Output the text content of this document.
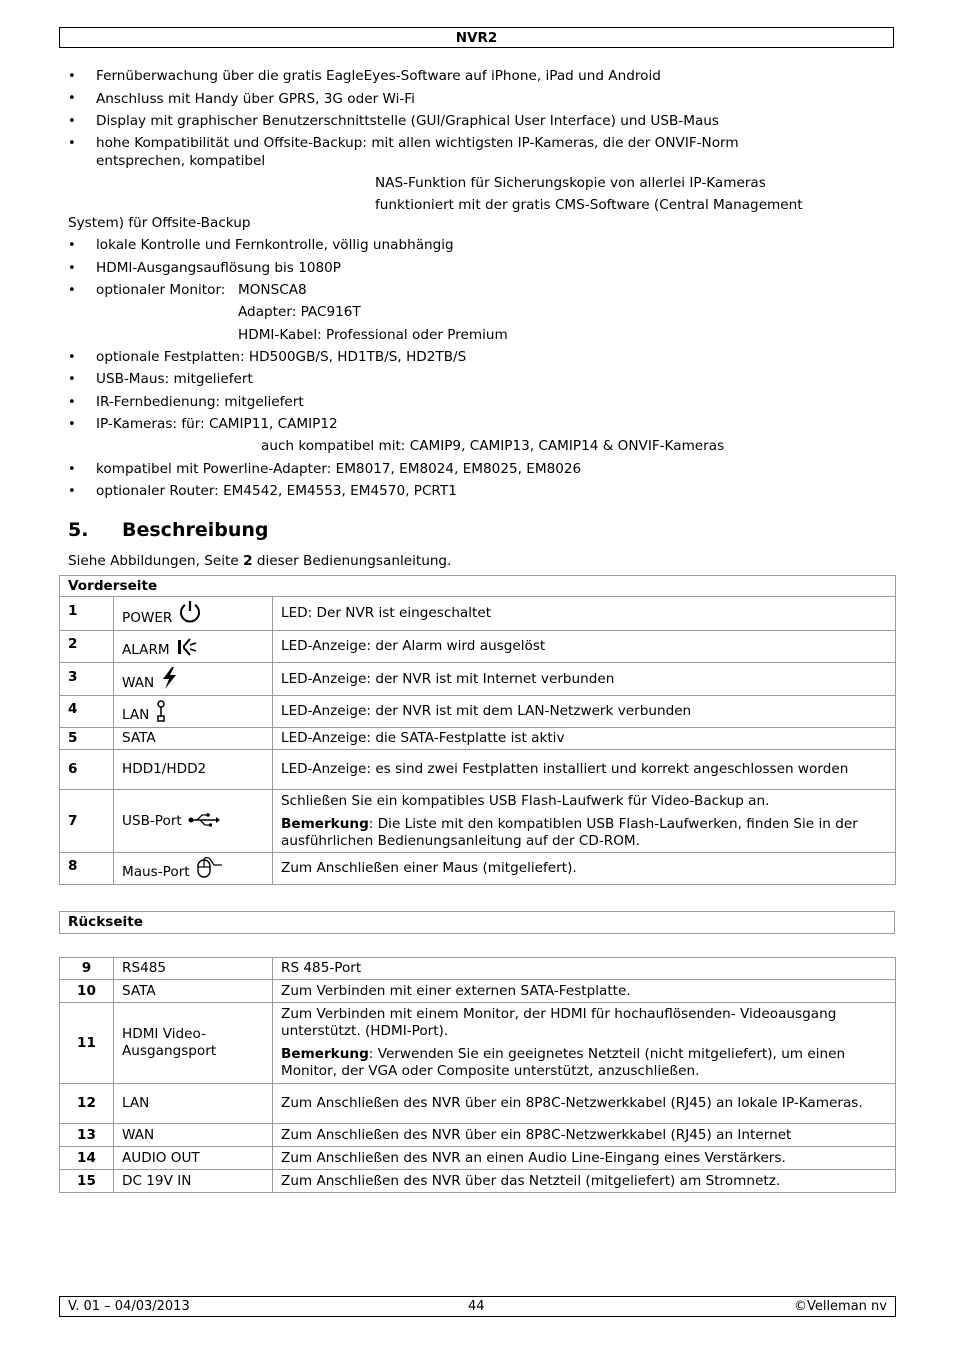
NVR2
• Fernüberwachung über die gratis EagleEyes-Software auf iPhone, iPad und Android
• Anschluss mit Handy über GPRS, 3G oder Wi-Fi
• Display mit graphischer Benutzerschnittstelle (GUI/Graphical User Interface) und USB-Maus
• hohe Kompatibilität und Offsite-Backup: mit allen wichtigsten IP-Kameras, die der ONVIF-Norm
entsprechen, kompatibel
NAS-Funktion für Sicherungskopie von allerlei IP-Kameras
funktioniert mit der gratis CMS-Software (Central Management
System) für Offsite-Backup
• lokale Kontrolle und Fernkontrolle, völlig unabhängig
• HDMI-Ausgangsauflösung bis 1080P
• optionaler Monitor: MONSCA8
Adapter: PAC916T
HDMI-Kabel: Professional oder Premium
• optionale Festplatten: HD500GB/S, HD1TB/S, HD2TB/S
• USB-Maus: mitgeliefert
• IR-Fernbedienung: mitgeliefert
• IP-Kameras: für: CAMIP11, CAMIP12
auch kompatibel mit: CAMIP9, CAMIP13, CAMIP14 & ONVIF-Kameras
• kompatibel mit Powerline-Adapter: EM8017, EM8024, EM8025, EM8026
• optionaler Router: EM4542, EM4553, EM4570, PCRT1
5. Beschreibung
Siehe Abbildungen, Seite 2 dieser Bedienungsanleitung.
Vorderseite		
1	POWER	LED: Der NVR ist eingeschaltet
2	ALARM	LED-Anzeige: der Alarm wird ausgelöst
3	WAN	LED-Anzeige: der NVR ist mit Internet verbunden
4	LAN	LED-Anzeige: der NVR ist mit dem LAN-Netzwerk verbunden
5	SATA	LED-Anzeige: die SATA-Festplatte ist aktiv
6	HDD1/HDD2	LED-Anzeige: es sind zwei Festplatten installiert und korrekt angeschlossen worden
7	USB-Port	Schließen Sie ein kompatibles USB Flash-Laufwerk für Video-Backup an.
Bemerkung: Die Liste mit den kompatiblen USB Flash-Laufwerken, finden Sie in der ausführlichen Bedienungsanleitung auf der CD-ROM.

8	Maus-Port	Zum Anschließen einer Maus (mitgeliefert).
Rückseite
9	RS485	RS 485-Port
10	SATA	Zum Verbinden mit einer externen SATA-Festplatte.
11	HDMI Video-Ausgangsport	Zum Verbinden mit einem Monitor, der HDMI für hochauflösenden- Videoausgang unterstützt. (HDMI-Port).
Bemerkung: Verwenden Sie ein geeignetes Netzteil (nicht mitgeliefert), um einen Monitor, der VGA oder Composite unterstützt, anzuschließen.

12	LAN	Zum Anschließen des NVR über ein 8P8C-Netzwerkkabel (RJ45) an lokale IP-Kameras.
13	WAN	Zum Anschließen des NVR über ein 8P8C-Netzwerkkabel (RJ45) an Internet
14	AUDIO OUT	Zum Anschließen des NVR an einen Audio Line-Eingang eines Verstärkers.
15	DC 19V IN	Zum Anschließen des NVR über das Netzteil (mitgeliefert) am Stromnetz.
V. 01 – 04/03/2013	44	©Velleman nv
